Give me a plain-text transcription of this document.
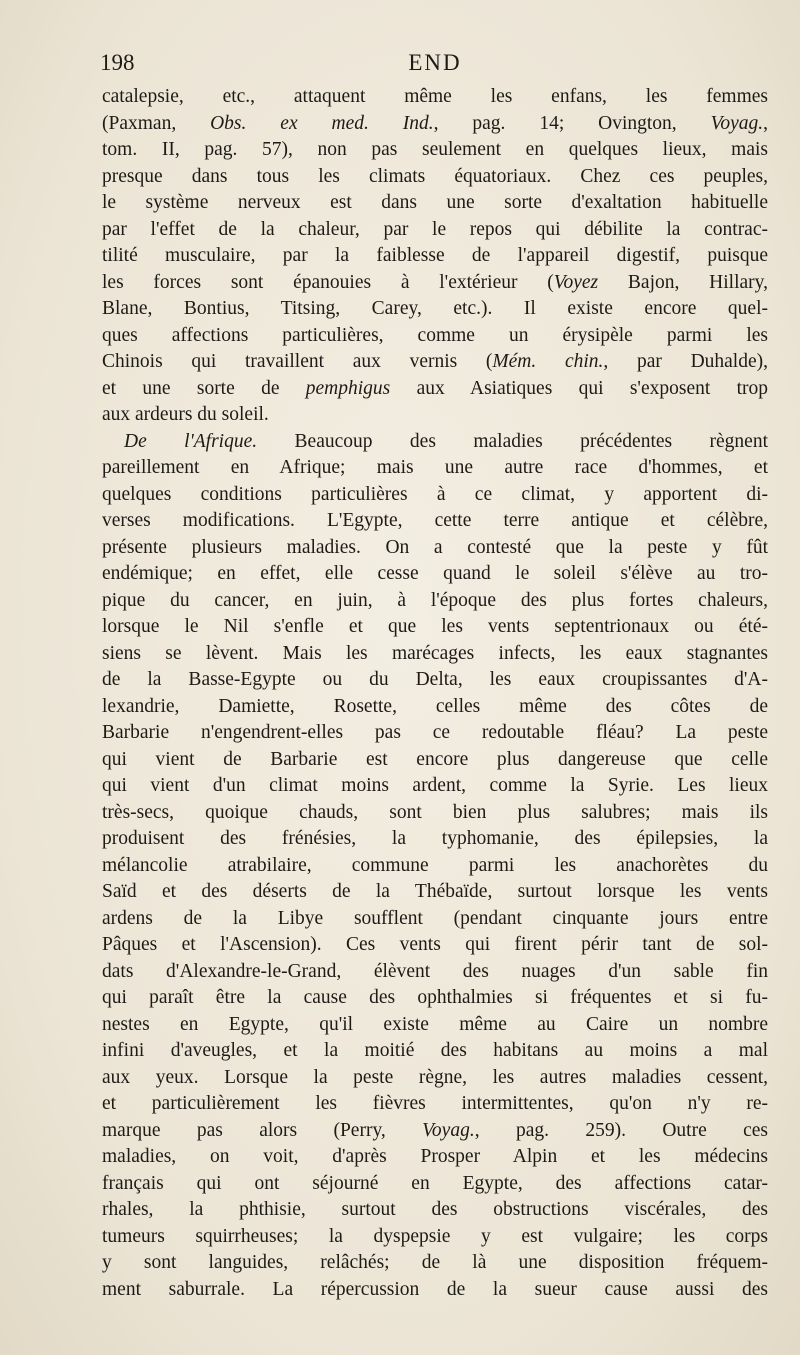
198	END
catalepsie, etc., attaquent même les enfans, les femmes
(Paxman, Obs. ex med. Ind., pag. 14; Ovington, Voyag.,
tom. II, pag. 57), non pas seulement en quelques lieux, mais
presque dans tous les climats équatoriaux. Chez ces peuples,
le système nerveux est dans une sorte d'exaltation habituelle
par l'effet de la chaleur, par le repos qui débilite la contrac-
tilité musculaire, par la faiblesse de l'appareil digestif, puisque
les forces sont épanouies à l'extérieur (Voyez Bajon, Hillary,
Blane, Bontius, Titsing, Carey, etc.). Il existe encore quel-
ques affections particulières, comme un érysipèle parmi les
Chinois qui travaillent aux vernis (Mém. chin., par Duhalde),
et une sorte de pemphigus aux Asiatiques qui s'exposent trop
aux ardeurs du soleil.
De l'Afrique. Beaucoup des maladies précédentes règnent
pareillement en Afrique; mais une autre race d'hommes, et
quelques conditions particulières à ce climat, y apportent di-
verses modifications. L'Egypte, cette terre antique et célèbre,
présente plusieurs maladies. On a contesté que la peste y fût
endémique; en effet, elle cesse quand le soleil s'élève au tro-
pique du cancer, en juin, à l'époque des plus fortes chaleurs,
lorsque le Nil s'enfle et que les vents septentrionaux ou été-
siens se lèvent. Mais les marécages infects, les eaux stagnantes
de la Basse-Egypte ou du Delta, les eaux croupissantes d'A-
lexandrie, Damiette, Rosette, celles même des côtes de
Barbarie n'engendrent-elles pas ce redoutable fléau? La peste
qui vient de Barbarie est encore plus dangereuse que celle
qui vient d'un climat moins ardent, comme la Syrie. Les lieux
très-secs, quoique chauds, sont bien plus salubres; mais ils
produisent des frénésies, la typhomanie, des épilepsies, la
mélancolie atrabilaire, commune parmi les anachorètes du
Saïd et des déserts de la Thébaïde, surtout lorsque les vents
ardens de la Libye soufflent (pendant cinquante jours entre
Pâques et l'Ascension). Ces vents qui firent périr tant de sol-
dats d'Alexandre-le-Grand, élèvent des nuages d'un sable fin
qui paraît être la cause des ophthalmies si fréquentes et si fu-
nestes en Egypte, qu'il existe même au Caire un nombre
infini d'aveugles, et la moitié des habitans au moins a mal
aux yeux. Lorsque la peste règne, les autres maladies cessent,
et particulièrement les fièvres intermittentes, qu'on n'y re-
marque pas alors (Perry, Voyag., pag. 259). Outre ces
maladies, on voit, d'après Prosper Alpin et les médecins
français qui ont séjourné en Egypte, des affections catar-
rhales, la phthisie, surtout des obstructions viscérales, des
tumeurs squirrheuses; la dyspepsie y est vulgaire; les corps
y sont languides, relâchés; de là une disposition fréquem-
ment saburrale. La répercussion de la sueur cause aussi des
